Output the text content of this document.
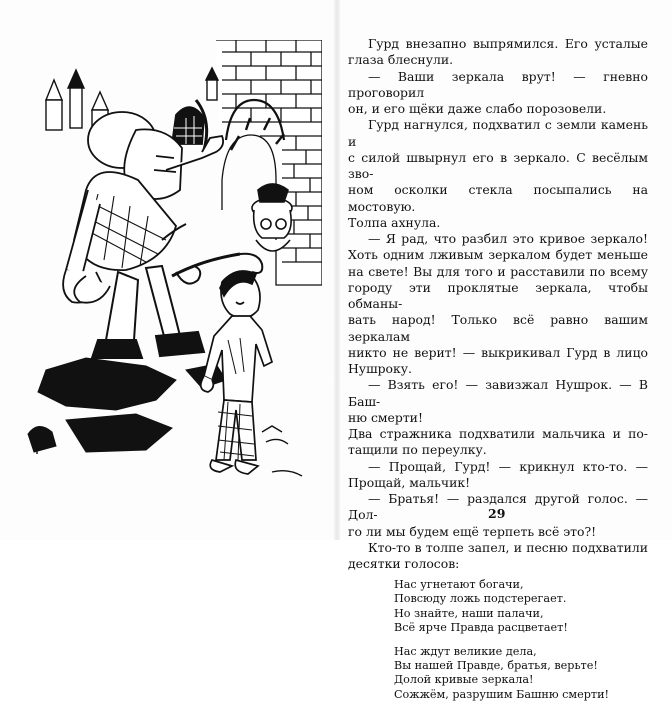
Гурд внезапно выпрямился. Его усталые
глаза блеснули.

— Ваши зеркала врут! — гневно проговорил
он, и его щёки даже слабо порозовели.

Гурд нагнулся, подхватил с земли камень и
с силой швырнул его в зеркало. С весёлым зво-
ном осколки стекла посыпались на мостовую.
Толпа ахнула.

— Я рад, что разбил это кривое зеркало!
Хоть одним лживым зеркалом будет меньше
на свете! Вы для того и расставили по всему
городу эти проклятые зеркала, чтобы обманы-
вать народ! Только всё равно вашим зеркалам
никто не верит! — выкрикивал Гурд в лицо
Нушроку.

— Взять его! — завизжал Нушрок. — В Баш-
ню смерти!

Два стражника подхватили мальчика и по-
тащили по переулку.

— Прощай, Гурд! — крикнул кто-то. —
Прощай, мальчик!

— Братья! — раздался другой голос. — Дол-
го ли мы будем ещё терпеть всё это?!

Кто-то в толпе запел, и песню подхватили
десятки голосов:

Нас угнетают богачи,
Повсюду ложь подстерегает.
Но знайте, наши палачи,
Всё ярче Правда расцветает!
Нас ждут великие дела,
Вы нашей Правде, братья, верьте!
Долой кривые зеркала!
Сожжём, разрушим Башню смерти!
29
